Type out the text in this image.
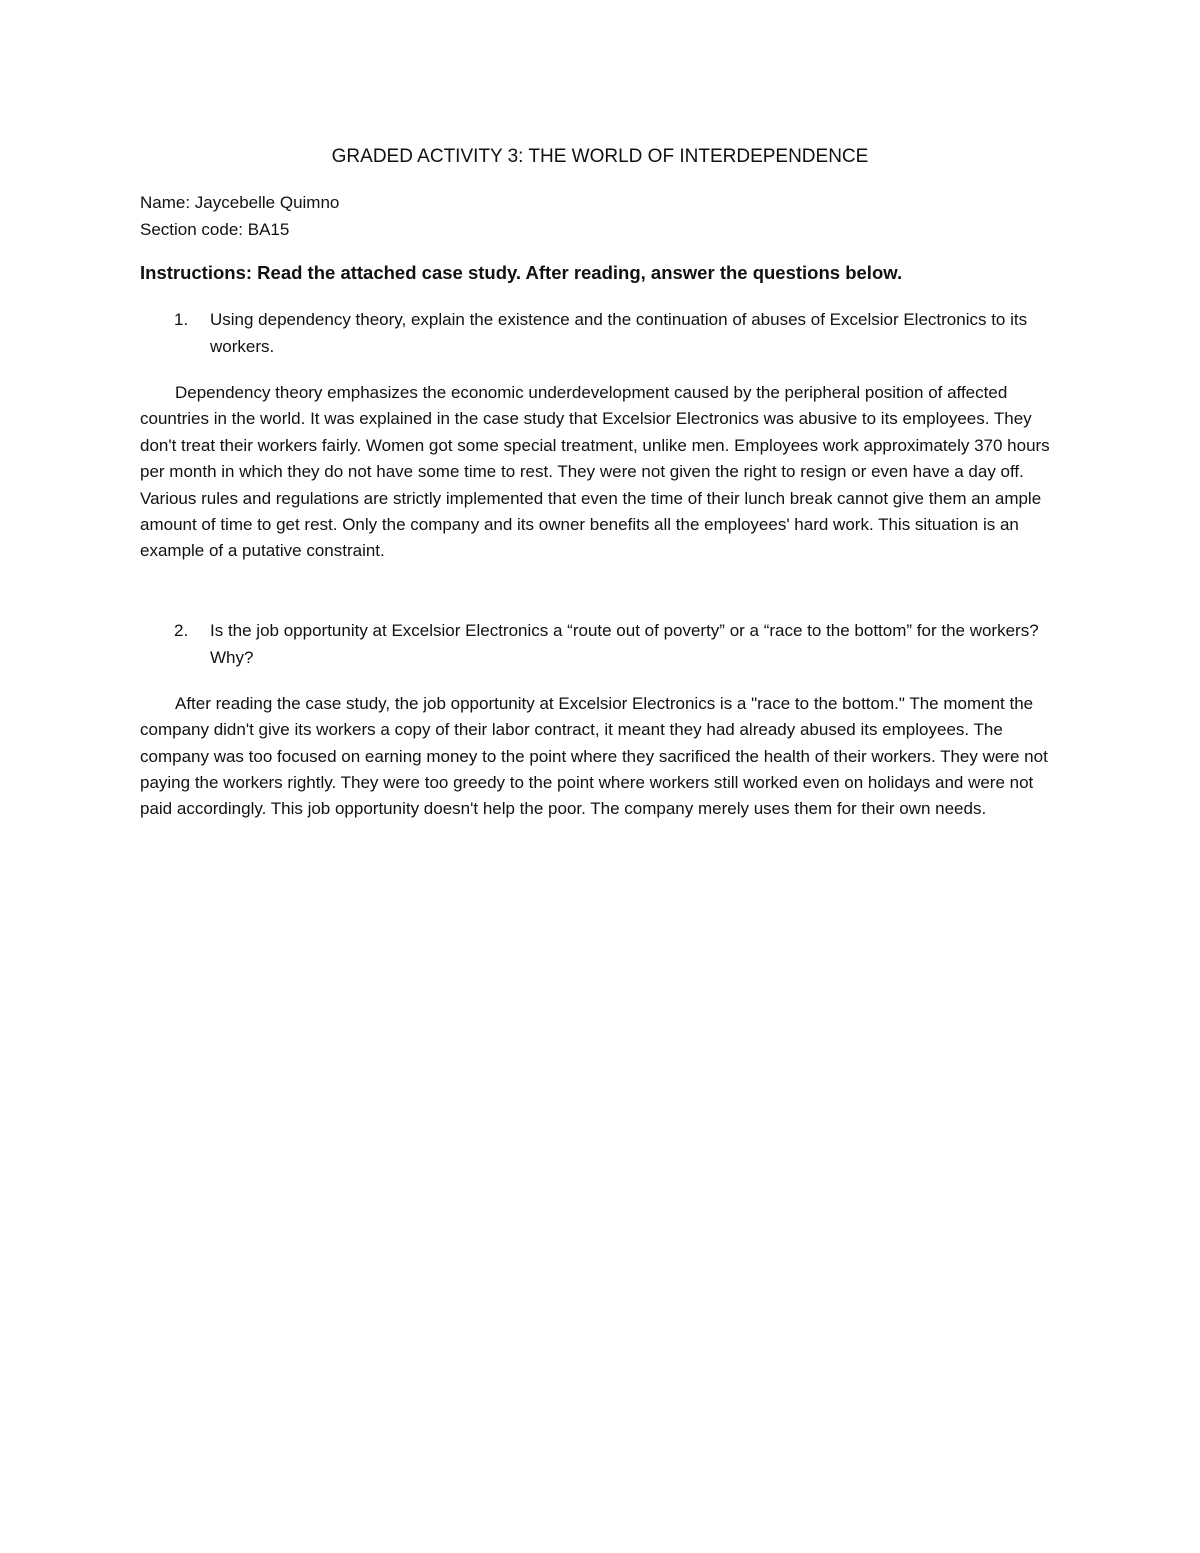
GRADED ACTIVITY 3: THE WORLD OF INTERDEPENDENCE

Name: Jaycebelle Quimno

Section code: BA15

Instructions: Read the attached case study. After reading, answer the questions below.

1.	Using dependency theory, explain the existence and the continuation of abuses of Excelsior Electronics to its workers.

Dependency theory emphasizes the economic underdevelopment caused by the peripheral position of affected countries in the world. It was explained in the case study that Excelsior Electronics was abusive to its employees. They don't treat their workers fairly. Women got some special treatment, unlike men. Employees work approximately 370 hours per month in which they do not have some time to rest. They were not given the right to resign or even have a day off. Various rules and regulations are strictly implemented that even the time of their lunch break cannot give them an ample amount of time to get rest. Only the company and its owner benefits all the employees' hard work. This situation is an example of a putative constraint.

2.	Is the job opportunity at Excelsior Electronics a “route out of poverty” or a “race to the bottom” for the workers? Why?

After reading the case study, the job opportunity at Excelsior Electronics is a "race to the bottom." The moment the company didn't give its workers a copy of their labor contract, it meant they had already abused its employees. The company was too focused on earning money to the point where they sacrificed the health of their workers. They were not paying the workers rightly. They were too greedy to the point where workers still worked even on holidays and were not paid accordingly. This job opportunity doesn't help the poor. The company merely uses them for their own needs.
